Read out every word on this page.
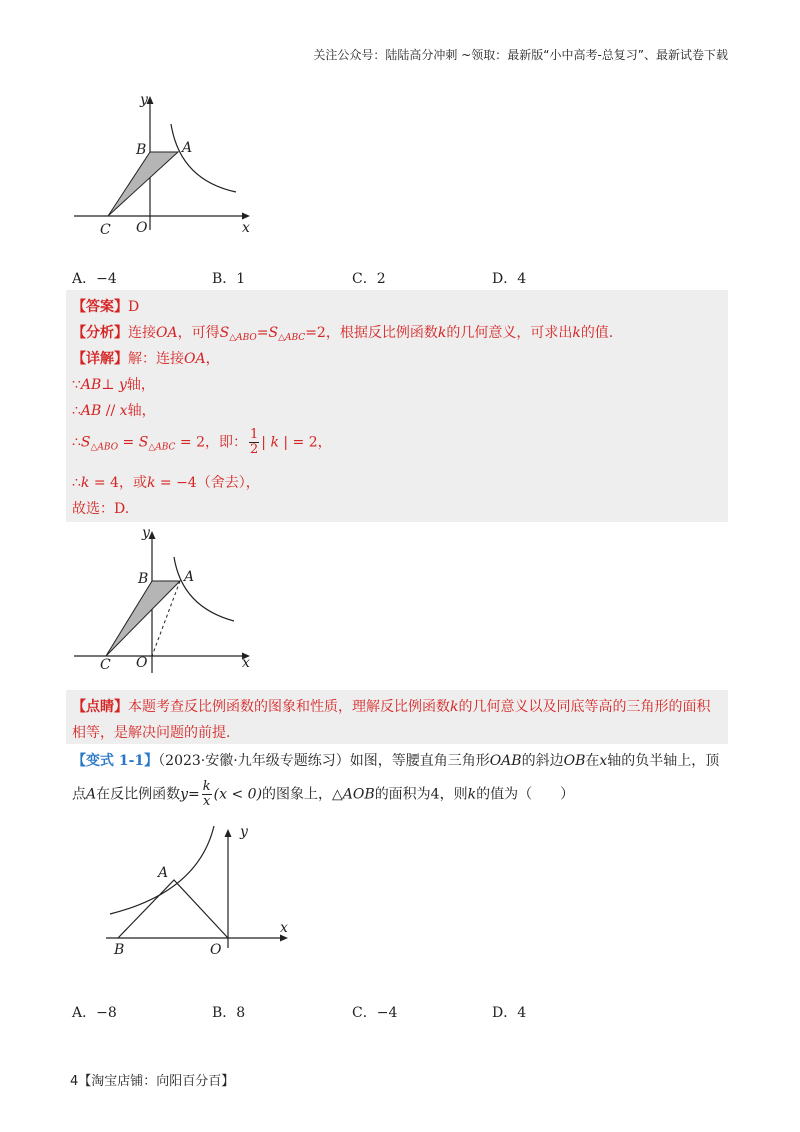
关注公众号：陆陆高分冲刺 ~领取：最新版“小中高考-总复习”、最新试卷下载
y
x
B	A
C O
A．−4	B．1	C．2	D．4
【答案】D
【分析】连接OA，可得$S_{\triangle ABO}=S_{\triangle ABC}=2$，根据反比例函数k的几何意义，可求出k的值.
【详解】解：连接OA，
∵AB⊥ y轴，
∴AB // x轴，
$\therefore S_{\triangle ABO} = S_{\triangle ABC} = 2$，即： $\frac{1}{2}$ | k | = 2，
∴k = 4，或k = −4（舍去），
故选：D.
y
x
B	A
C O
【点睛】本题考查反比例函数的图象和性质，理解反比例函数k的几何意义以及同底等高的三角形的面积
相等，是解决问题的前提.
【变式 1-1】（2023·安徽·九年级专题练习）如图，等腰直角三角形OAB的斜边OB在x轴的负半轴上，顶
点A在反比例函数$y= \frac{k}{x} (x < 0)$的图象上，△AOB的面积为4，则k的值为（　　）
y
x
A
B	O
A．−8	B．8	C．−4	D．4
4【淘宝店铺：向阳百分百】
